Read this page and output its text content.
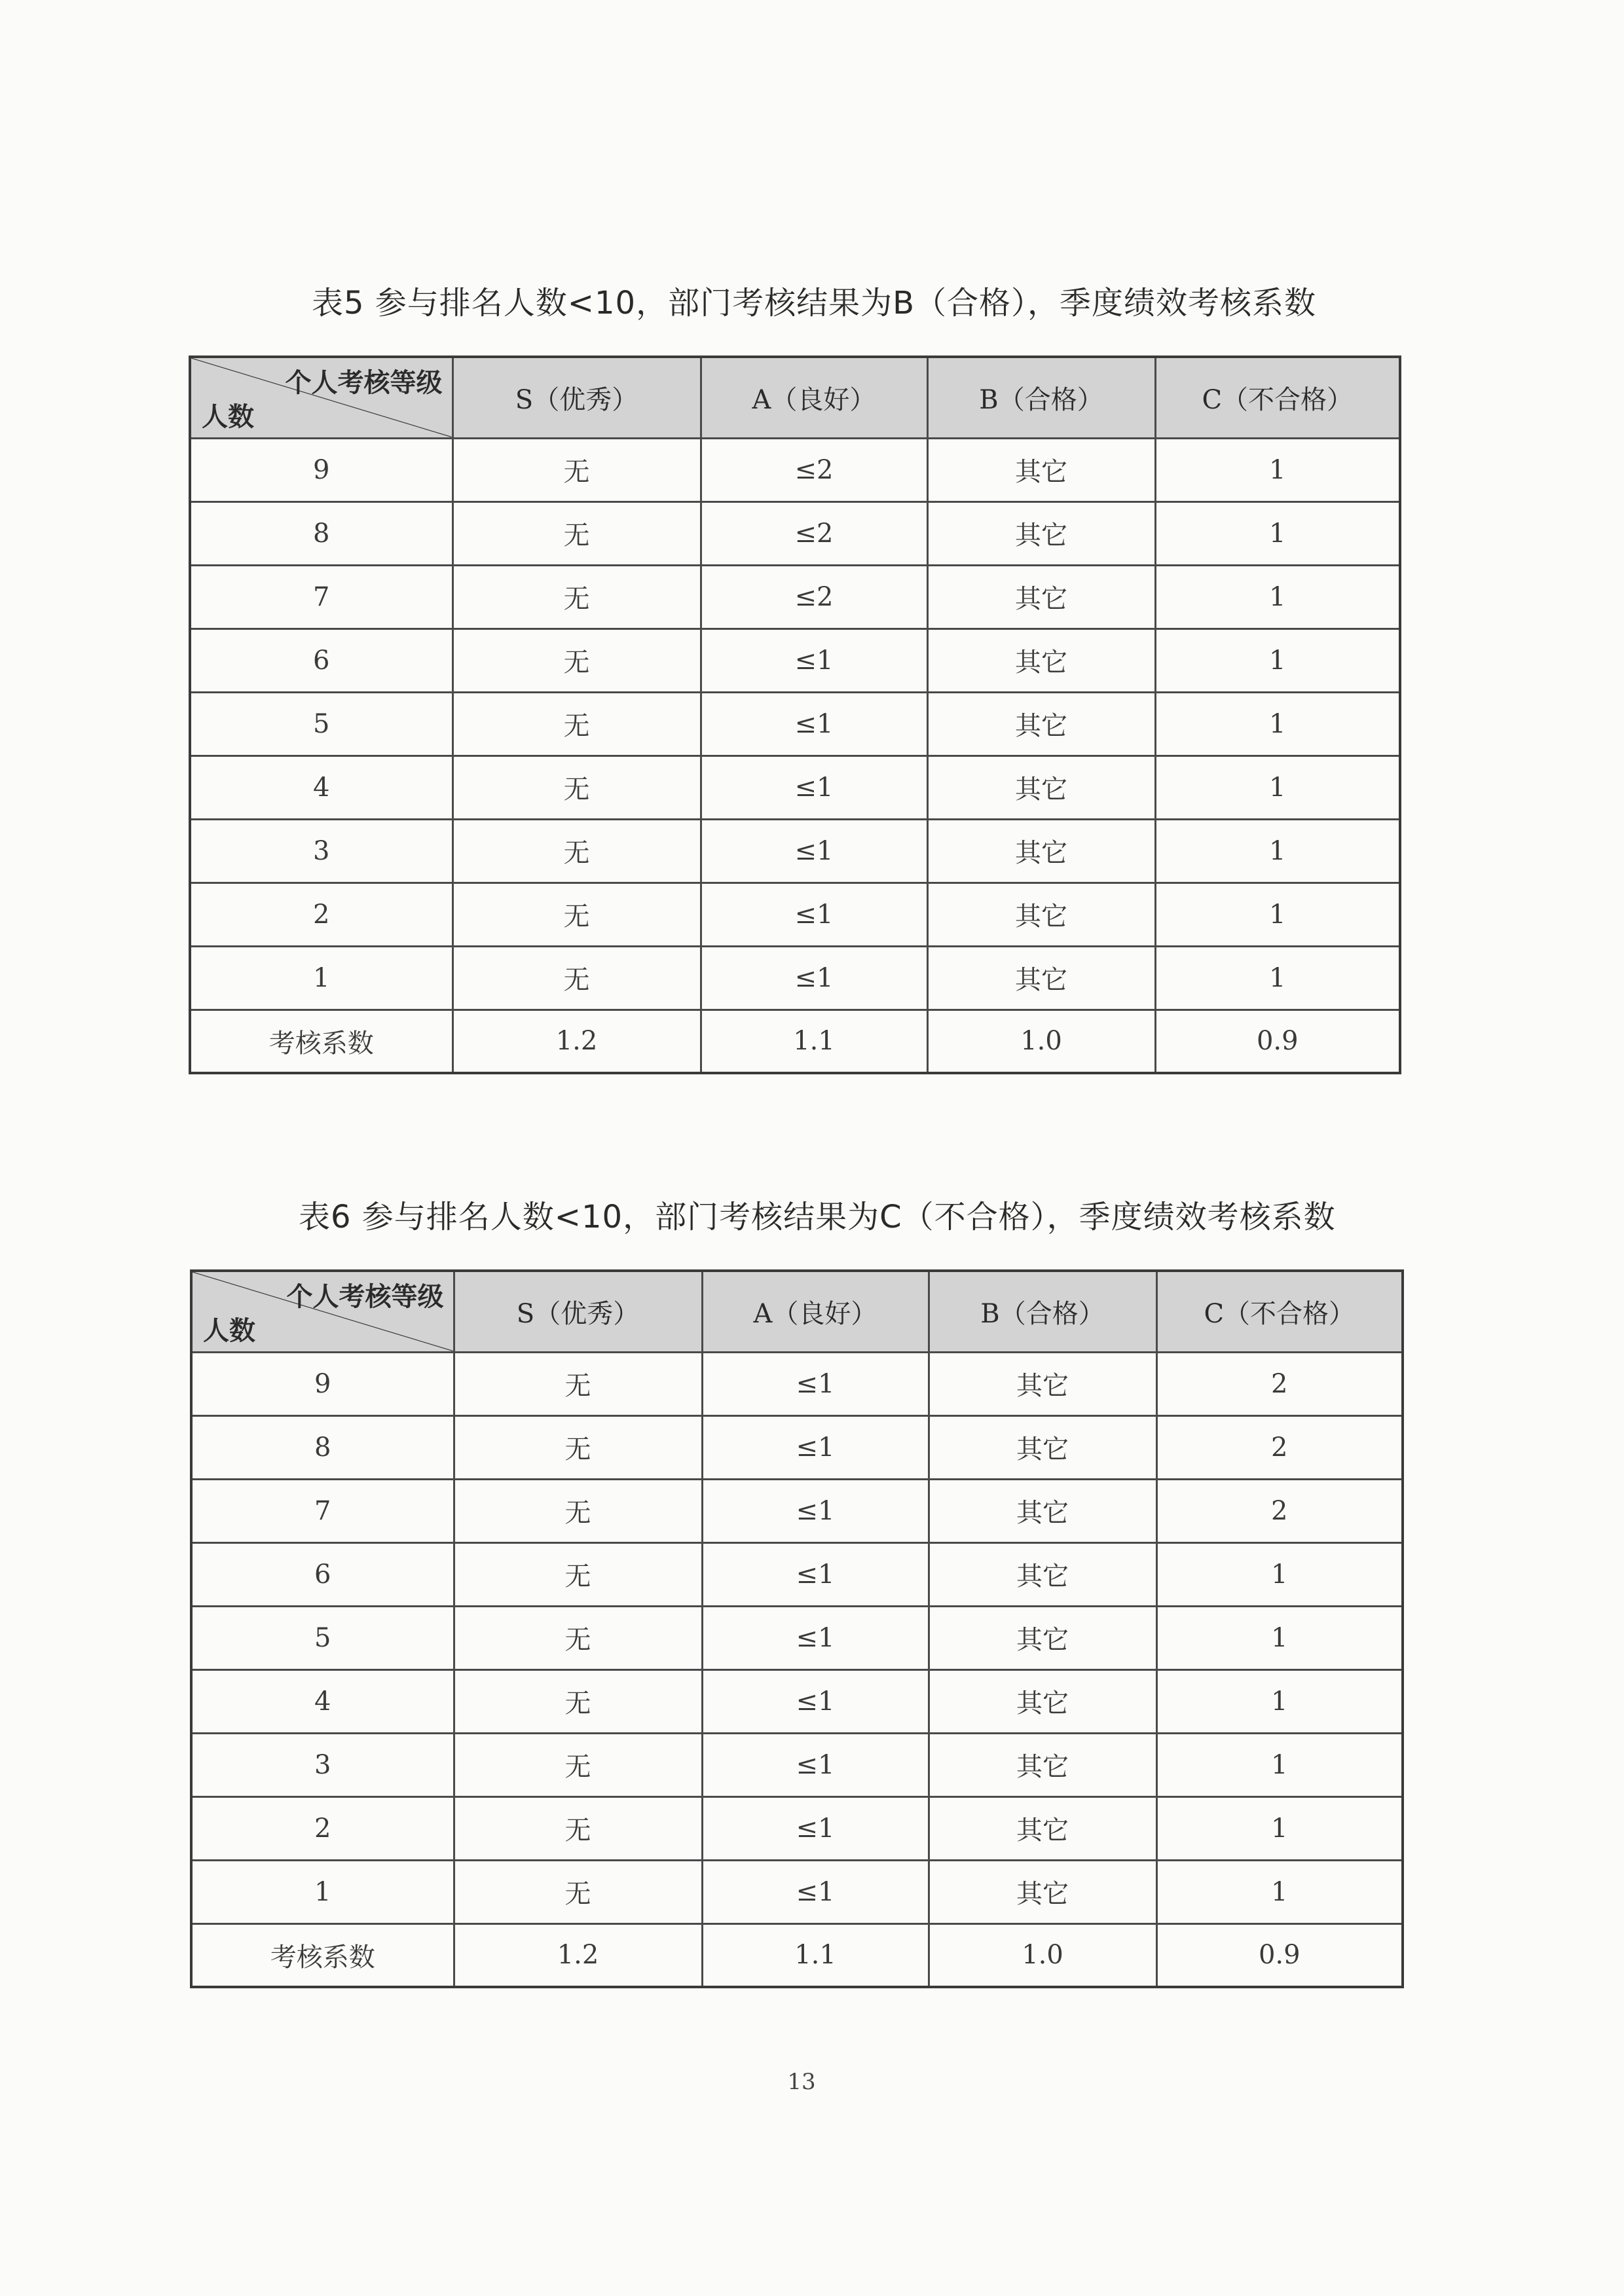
表5 参与排名人数<10，部门考核结果为B（合格），季度绩效考核系数
个人考核等级
人数	S（优秀）	A（良好）	B（合格）	C（不合格）
9	无	≤2	其它	1
8	无	≤2	其它	1
7	无	≤2	其它	1
6	无	≤1	其它	1
5	无	≤1	其它	1
4	无	≤1	其它	1
3	无	≤1	其它	1
2	无	≤1	其它	1
1	无	≤1	其它	1
考核系数	1.2	1.1	1.0	0.9
表6 参与排名人数<10，部门考核结果为C（不合格），季度绩效考核系数
个人考核等级
人数	S（优秀）	A（良好）	B（合格）	C（不合格）
9	无	≤1	其它	2
8	无	≤1	其它	2
7	无	≤1	其它	2
6	无	≤1	其它	1
5	无	≤1	其它	1
4	无	≤1	其它	1
3	无	≤1	其它	1
2	无	≤1	其它	1
1	无	≤1	其它	1
考核系数	1.2	1.1	1.0	0.9
13
